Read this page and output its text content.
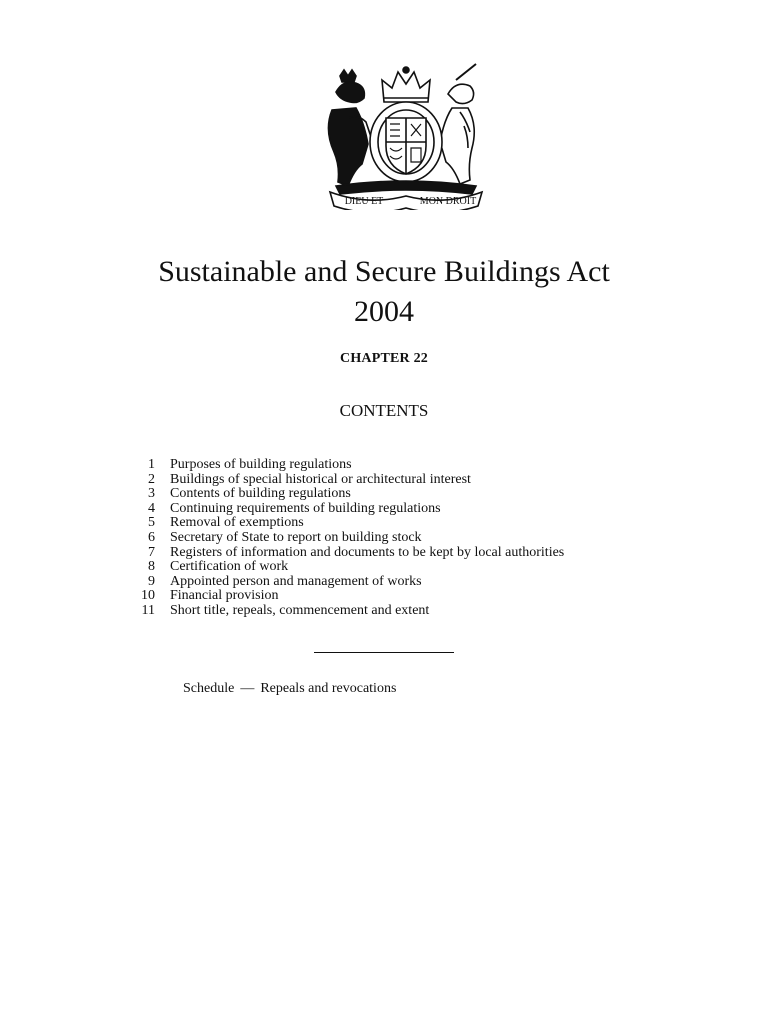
DIEU ET	MON DROIT
Sustainable and Secure Buildings Act
2004
CHAPTER 22
CONTENTS
1 Purposes of building regulations
2 Buildings of special historical or architectural interest
3 Contents of building regulations
4 Continuing requirements of building regulations
5 Removal of exemptions
6 Secretary of State to report on building stock
7 Registers of information and documents to be kept by local authorities
8 Certification of work
9 Appointed person and management of works
10 Financial provision
11 Short title, repeals, commencement and extent
Schedule — Repeals and revocations
